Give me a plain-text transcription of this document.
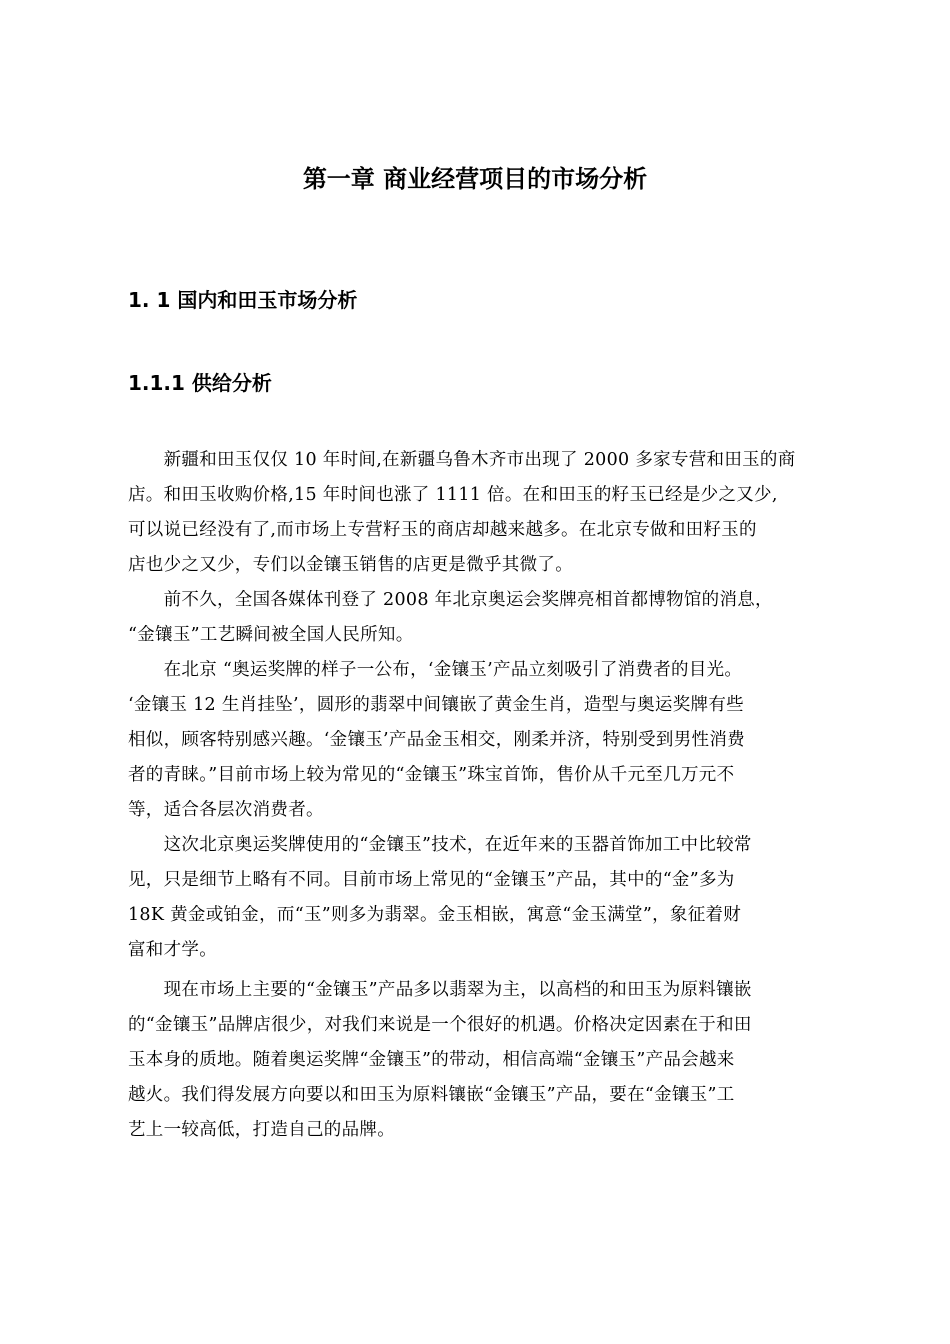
第一章 商业经营项目的市场分析
1. 1 国内和田玉市场分析
1.1.1 供给分析
　　新疆和田玉仅仅 10 年时间,在新疆乌鲁木齐市出现了 2000 多家专营和田玉的商
店。和田玉收购价格,15 年时间也涨了 1111 倍。在和田玉的籽玉已经是少之又少,
可以说已经没有了,而市场上专营籽玉的商店却越来越多。在北京专做和田籽玉的
店也少之又少，专们以金镶玉销售的店更是微乎其微了。
　　前不久，全国各媒体刊登了 2008 年北京奥运会奖牌亮相首都博物馆的消息，
“金镶玉”工艺瞬间被全国人民所知。
　　在北京 “奥运奖牌的样子一公布，‘金镶玉’产品立刻吸引了消费者的目光。
‘金镶玉 12 生肖挂坠’，圆形的翡翠中间镶嵌了黄金生肖，造型与奥运奖牌有些
相似，顾客特别感兴趣。‘金镶玉’产品金玉相交，刚柔并济，特别受到男性消费
者的青睐。”目前市场上较为常见的“金镶玉”珠宝首饰，售价从千元至几万元不
等，适合各层次消费者。
　　这次北京奥运奖牌使用的“金镶玉”技术，在近年来的玉器首饰加工中比较常
见，只是细节上略有不同。目前市场上常见的“金镶玉”产品，其中的“金”多为
18K 黄金或铂金，而“玉”则多为翡翠。金玉相嵌，寓意“金玉满堂”，象征着财
富和才学。
　　现在市场上主要的“金镶玉”产品多以翡翠为主，以高档的和田玉为原料镶嵌
的“金镶玉”品牌店很少，对我们来说是一个很好的机遇。价格决定因素在于和田
玉本身的质地。随着奥运奖牌“金镶玉”的带动，相信高端“金镶玉”产品会越来
越火。我们得发展方向要以和田玉为原料镶嵌“金镶玉”产品，要在“金镶玉”工
艺上一较高低，打造自己的品牌。
